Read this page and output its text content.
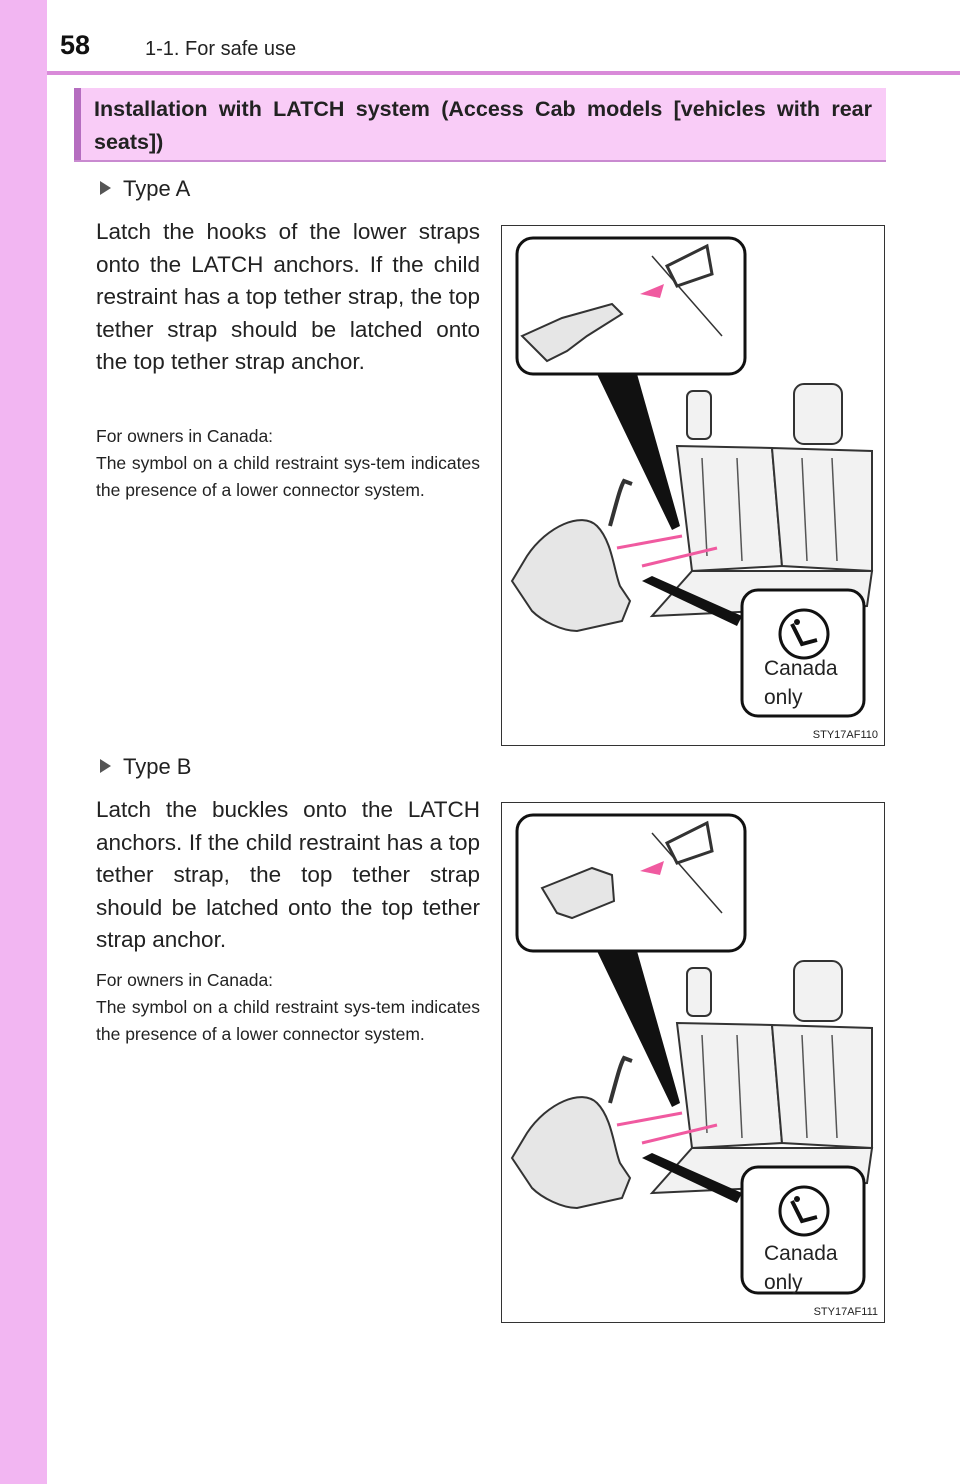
58	1-1. For safe use
Installation with LATCH system (Access Cab models [vehicles with rear seats])
Type A
Latch the hooks of the lower straps onto the LATCH anchors. If the child restraint has a top tether strap, the top tether strap should be latched onto the top tether strap anchor.
For owners in Canada:
The symbol on a child restraint sys-tem indicates the presence of a lower connector system.
Canada
only
STY17AF110
Type B
Latch the buckles onto the LATCH anchors. If the child restraint has a top tether strap, the top tether strap should be latched onto the top tether strap anchor.
For owners in Canada:
The symbol on a child restraint sys-tem indicates the presence of a lower connector system.
Canada
only
STY17AF111
